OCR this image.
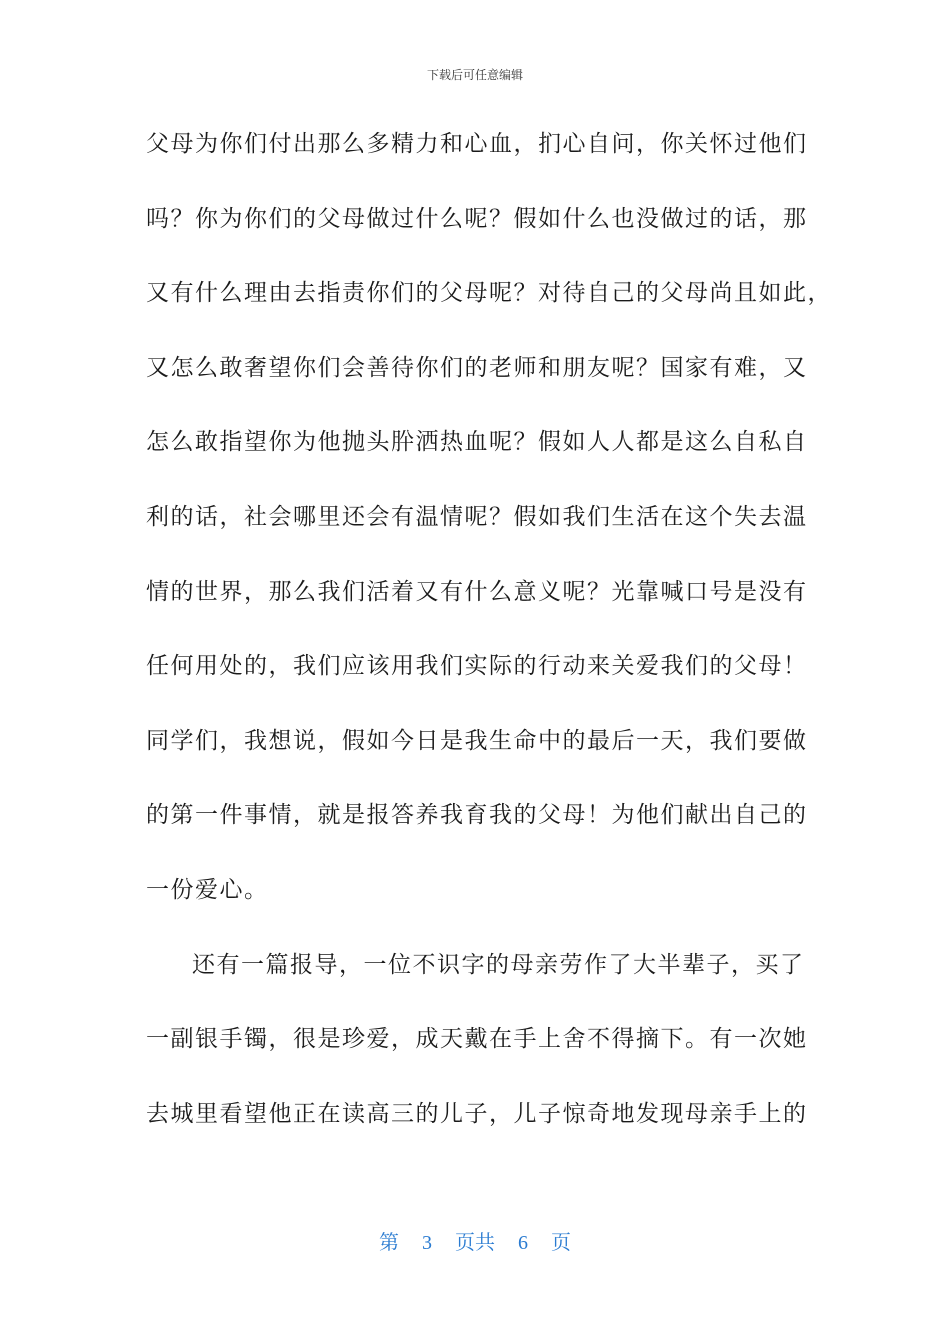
下载后可任意编辑
父母为你们付出那么多精力和心血，扪心自问，你关怀过他们
吗？你为你们的父母做过什么呢？假如什么也没做过的话，那
又有什么理由去指责你们的父母呢？对待自己的父母尚且如此，
又怎么敢奢望你们会善待你们的老师和朋友呢？国家有难，又
怎么敢指望你为他抛头肸洒热血呢？假如人人都是这么自私自
利的话，社会哪里还会有温情呢？假如我们生活在这个失去温
情的世界，那么我们活着又有什么意义呢？光靠喊口号是没有
任何用处的，我们应该用我们实际的行动来关爱我们的父母！
同学们，我想说，假如今日是我生命中的最后一天，我们要做
的第一件事情，就是报答养我育我的父母！为他们献出自己的
一份爱心。
还有一篇报导，一位不识字的母亲劳作了大半辈子，买了
一副银手镯，很是珍爱，成天戴在手上舍不得摘下。有一次她
去城里看望他正在读高三的儿子，儿子惊奇地发现母亲手上的
第 3 页共 6 页
